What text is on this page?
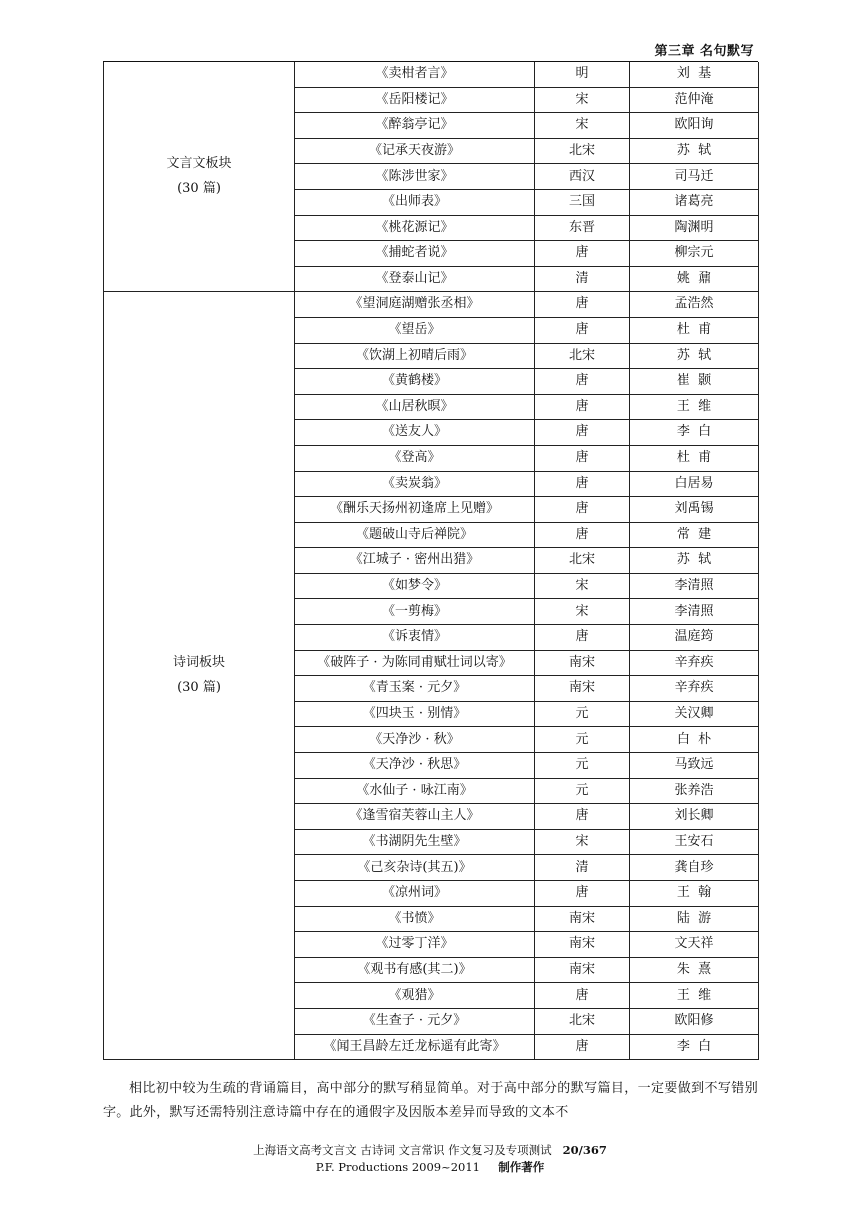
第三章 名句默写
文言文板块
(30 篇)	《卖柑者言》	明	刘  基
	《岳阳楼记》	宋	范仲淹
	《醉翁亭记》	宋	欧阳询
	《记承天夜游》	北宋	苏  轼
	《陈涉世家》	西汉	司马迁
	《出师表》	三国	诸葛亮
	《桃花源记》	东晋	陶渊明
	《捕蛇者说》	唐	柳宗元
	《登泰山记》	清	姚  鼐

诗词板块
(30 篇)	《望洞庭湖赠张丞相》	唐	孟浩然
	《望岳》	唐	杜  甫
	《饮湖上初晴后雨》	北宋	苏  轼
	《黄鹤楼》	唐	崔  颢
	《山居秋暝》	唐	王  维
	《送友人》	唐	李  白
	《登高》	唐	杜  甫
	《卖炭翁》	唐	白居易
	《酬乐天扬州初逢席上见赠》	唐	刘禹锡
	《题破山寺后禅院》	唐	常  建
	《江城子 · 密州出猎》	北宋	苏  轼
	《如梦令》	宋	李清照
	《一剪梅》	宋	李清照
	《诉衷情》	唐	温庭筠
	《破阵子 · 为陈同甫赋壮词以寄》	南宋	辛弃疾
	《青玉案 · 元夕》	南宋	辛弃疾
	《四块玉 · 别情》	元	关汉卿
	《天净沙 · 秋》	元	白  朴
	《天净沙 · 秋思》	元	马致远
	《水仙子 · 咏江南》	元	张养浩
	《逢雪宿芙蓉山主人》	唐	刘长卿
	《书湖阴先生壁》	宋	王安石
	《己亥杂诗(其五)》	清	龚自珍
	《凉州词》	唐	王  翰
	《书愤》	南宋	陆  游
	《过零丁洋》	南宋	文天祥
	《观书有感(其二)》	南宋	朱  熹
	《观猎》	唐	王  维
	《生查子 · 元夕》	北宋	欧阳修
	《闻王昌龄左迁龙标遥有此寄》	唐	李  白
相比初中较为生疏的背诵篇目，高中部分的默写稍显简单。对于高中部分的默写篇目，一定要做到不写错别字。此外，默写还需特别注意诗篇中存在的通假字及因版本差异而导致的文本不
上海语文高考文言文 古诗词 文言常识 作文复习及专项测试 20/367
P.F. Productions 2009~2011 制作著作
